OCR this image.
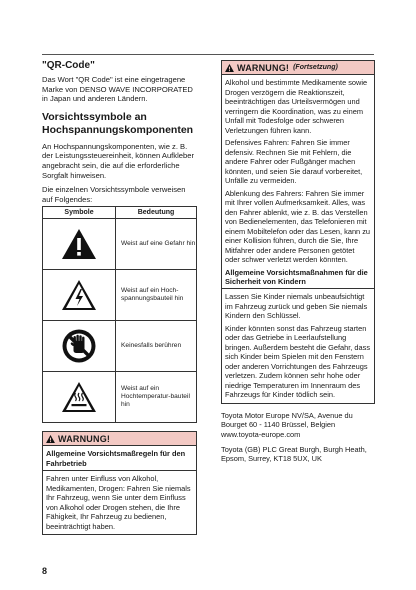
"QR-Code"
Das Wort "QR Code" ist eine eingetragene Marke von DENSO WAVE INCORPORATED in Japan und anderen Ländern.
Vorsichtssymbole an Hochspannungskomponenten
An Hochspannungskomponenten, wie z. B. der Leistungssteuereinheit, können Aufkleber angebracht sein, die auf die erforderliche Sorgfalt hinweisen.
Die einzelnen Vorsichtssymbole verweisen auf Folgendes:
Symbole	Bedeutung

	Weist auf eine Gefahr hin

	Weist auf ein Hoch-spannungsbauteil hin

	Keinesfalls berühren

	Weist auf ein Hochtemperatur-bauteil hin
WARNUNG!
Allgemeine Vorsichtsmaßregeln für den Fahrbetrieb
Fahren unter Einfluss von Alkohol, Medikamenten, Drogen: Fahren Sie niemals Ihr Fahrzeug, wenn Sie unter dem Einfluss von Alkohol oder Drogen stehen, die Ihre Fähigkeit, Ihr Fahrzeug zu bedienen, beeinträchtigt haben.
WARNUNG! (Fortsetzung)
Alkohol und bestimmte Medikamente sowie Drogen verzögern die Reaktionszeit, beeinträchtigen das Urteilsvermögen und verringern die Koordination, was zu einem Unfall mit Todesfolge oder schweren Verletzungen führen kann.
Defensives Fahren: Fahren Sie immer defensiv. Rechnen Sie mit Fehlern, die andere Fahrer oder Fußgänger machen könnten, und seien Sie darauf vorbereitet, Unfälle zu vermeiden.
Ablenkung des Fahrers: Fahren Sie immer mit Ihrer vollen Aufmerksamkeit. Alles, was den Fahrer ablenkt, wie z. B. das Verstellen von Bedienelementen, das Telefonieren mit einem Mobiltelefon oder das Lesen, kann zu einer Kollision führen, durch die Sie, Ihre Mitfahrer oder andere Personen getötet oder schwer verletzt werden könnten.
Allgemeine Vorsichtsmaßnahmen für die Sicherheit von Kindern
Lassen Sie Kinder niemals unbeaufsichtigt im Fahrzeug zurück und geben Sie niemals Kindern den Schlüssel.
Kinder könnten sonst das Fahrzeug starten oder das Getriebe in Leerlaufstellung bringen. Außerdem besteht die Gefahr, dass sich Kinder beim Spielen mit den Fenstern oder anderen Vorrichtungen des Fahrzeugs verletzen. Zudem können sehr hohe oder niedrige Temperaturen im Innenraum des Fahrzeugs für Kinder tödlich sein.
Toyota Motor Europe NV/SA, Avenue du Bourget 60 - 1140 Brüssel, Belgien www.toyota-europe.com
Toyota (GB) PLC Great Burgh, Burgh Heath, Epsom, Surrey, KT18 5UX, UK
8
